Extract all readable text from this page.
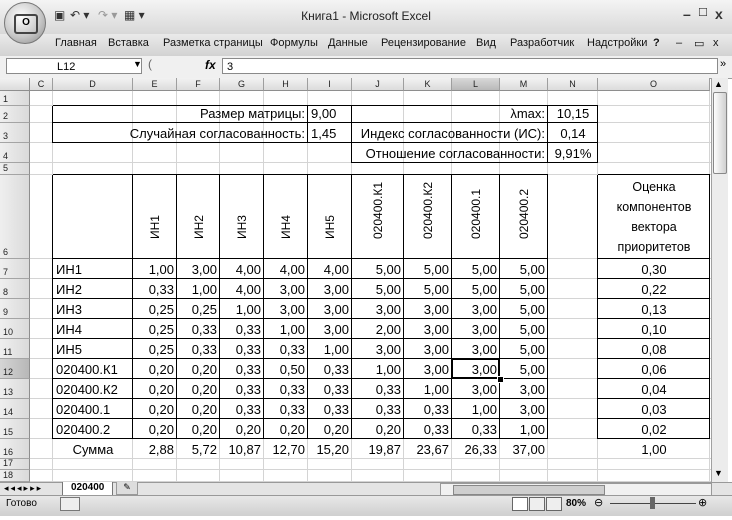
O
▣ ↶ ▾ ↷ ▾ ▦ ▾	Книга1 - Microsoft Excel	– ☐ x
Главная Вставка Разметка страницы Формулы Данные Рецензирование Вид Разработчик Надстройки ? – ▭ x
L12	▼ (	fx	3	»
C	D	E	F	G	H	I	J	K	L	M	N	O
1
2
3
4
5
6
7
8
9
10
11
12
13
14
15
16
17
18
Размер матрицы: 9,00
Случайная согласованность: 1,45
λmax: 10,15
Индекс согласованности (ИС):	0,14
Отношение согласованности: 9,91%
ИН1 ИН2 ИН3	ИН4	ИН5	020400.К1	020400.К2	020400.1	020400.2
Оценка компонентов вектора приоритетов
ИН1	1,00	3,00	4,00	4,00	4,00	5,00	5,00	5,00	5,00	0,30
ИН2	0,33	1,00	4,00	3,00	3,00	5,00	5,00	5,00	5,00	0,22
ИН3	0,25	0,25	1,00	3,00	3,00	3,00	3,00	3,00	5,00	0,13
ИН4	0,25	0,33	0,33	1,00	3,00	2,00	3,00	3,00	5,00	0,10
ИН5	0,25	0,33	0,33	0,33	1,00	3,00	3,00	3,00	5,00	0,08
020400.К1	0,20	0,20	0,33	0,50	0,33	1,00	3,00	3,00	5,00	0,06
020400.К2	0,20	0,20	0,33	0,33	0,33	0,33	1,00	3,00	3,00	0,04
020400.1	0,20	0,20	0,33	0,33	0,33	0,33	0,33	1,00	3,00	0,03
020400.2	0,20	0,20	0,20	0,20	0,20	0,20	0,33	0,33	1,00	0,02
Сумма	2,88	5,72 10,87 12,70 15,20	19,87	23,67	26,33	37,00	1,00
▲
▼
◂◂◂▸▸▸	020400	✎
Готово	80% ⊖	⊕
